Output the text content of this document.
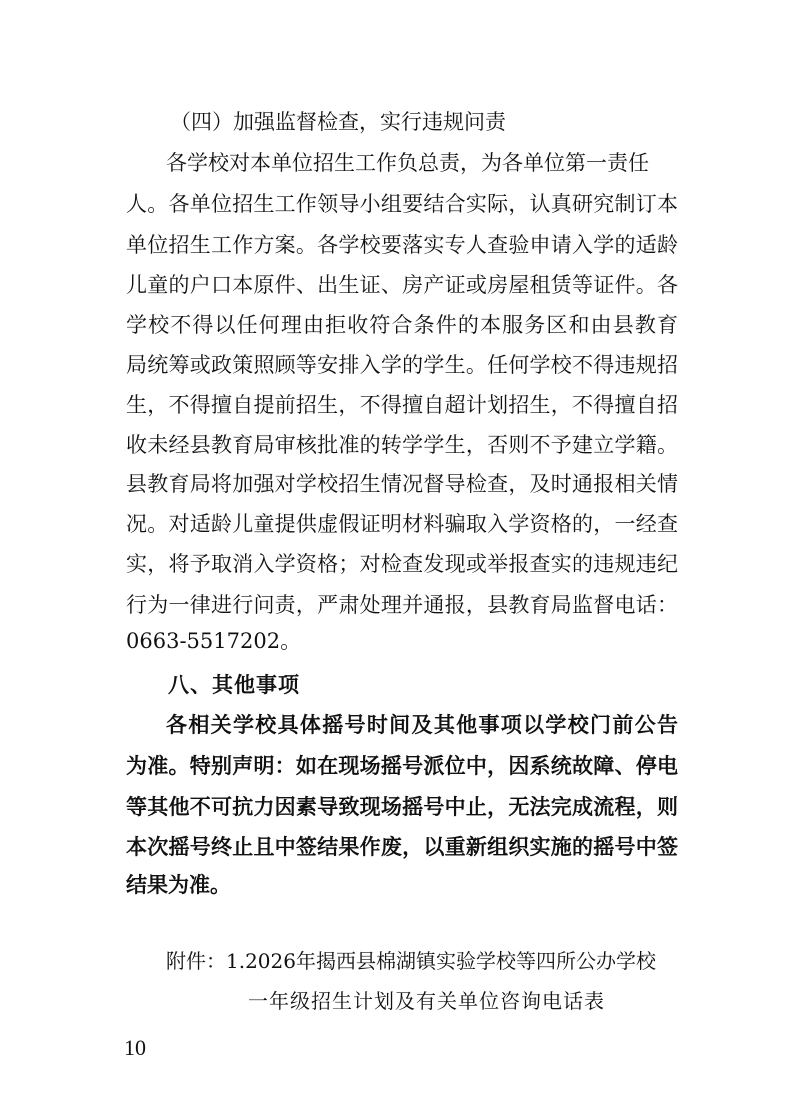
（四）加强监督检查，实行违规问责
各学校对本单位招生工作负总责，为各单位第一责任
人。各单位招生工作领导小组要结合实际，认真研究制订本
单位招生工作方案。各学校要落实专人查验申请入学的适龄
儿童的户口本原件、出生证、房产证或房屋租赁等证件。各
学校不得以任何理由拒收符合条件的本服务区和由县教育
局统筹或政策照顾等安排入学的学生。任何学校不得违规招
生，不得擅自提前招生，不得擅自超计划招生，不得擅自招
收未经县教育局审核批准的转学学生，否则不予建立学籍。
县教育局将加强对学校招生情况督导检查，及时通报相关情
况。对适龄儿童提供虚假证明材料骗取入学资格的，一经查
实，将予取消入学资格；对检查发现或举报查实的违规违纪
行为一律进行问责，严肃处理并通报，县教育局监督电话：
0663-5517202。
八、其他事项
各相关学校具体摇号时间及其他事项以学校门前公告
为准。特别声明：如在现场摇号派位中，因系统故障、停电
等其他不可抗力因素导致现场摇号中止，无法完成流程，则
本次摇号终止且中签结果作废，以重新组织实施的摇号中签
结果为准。
附件：1.2026年揭西县棉湖镇实验学校等四所公办学校
一年级招生计划及有关单位咨询电话表
10
